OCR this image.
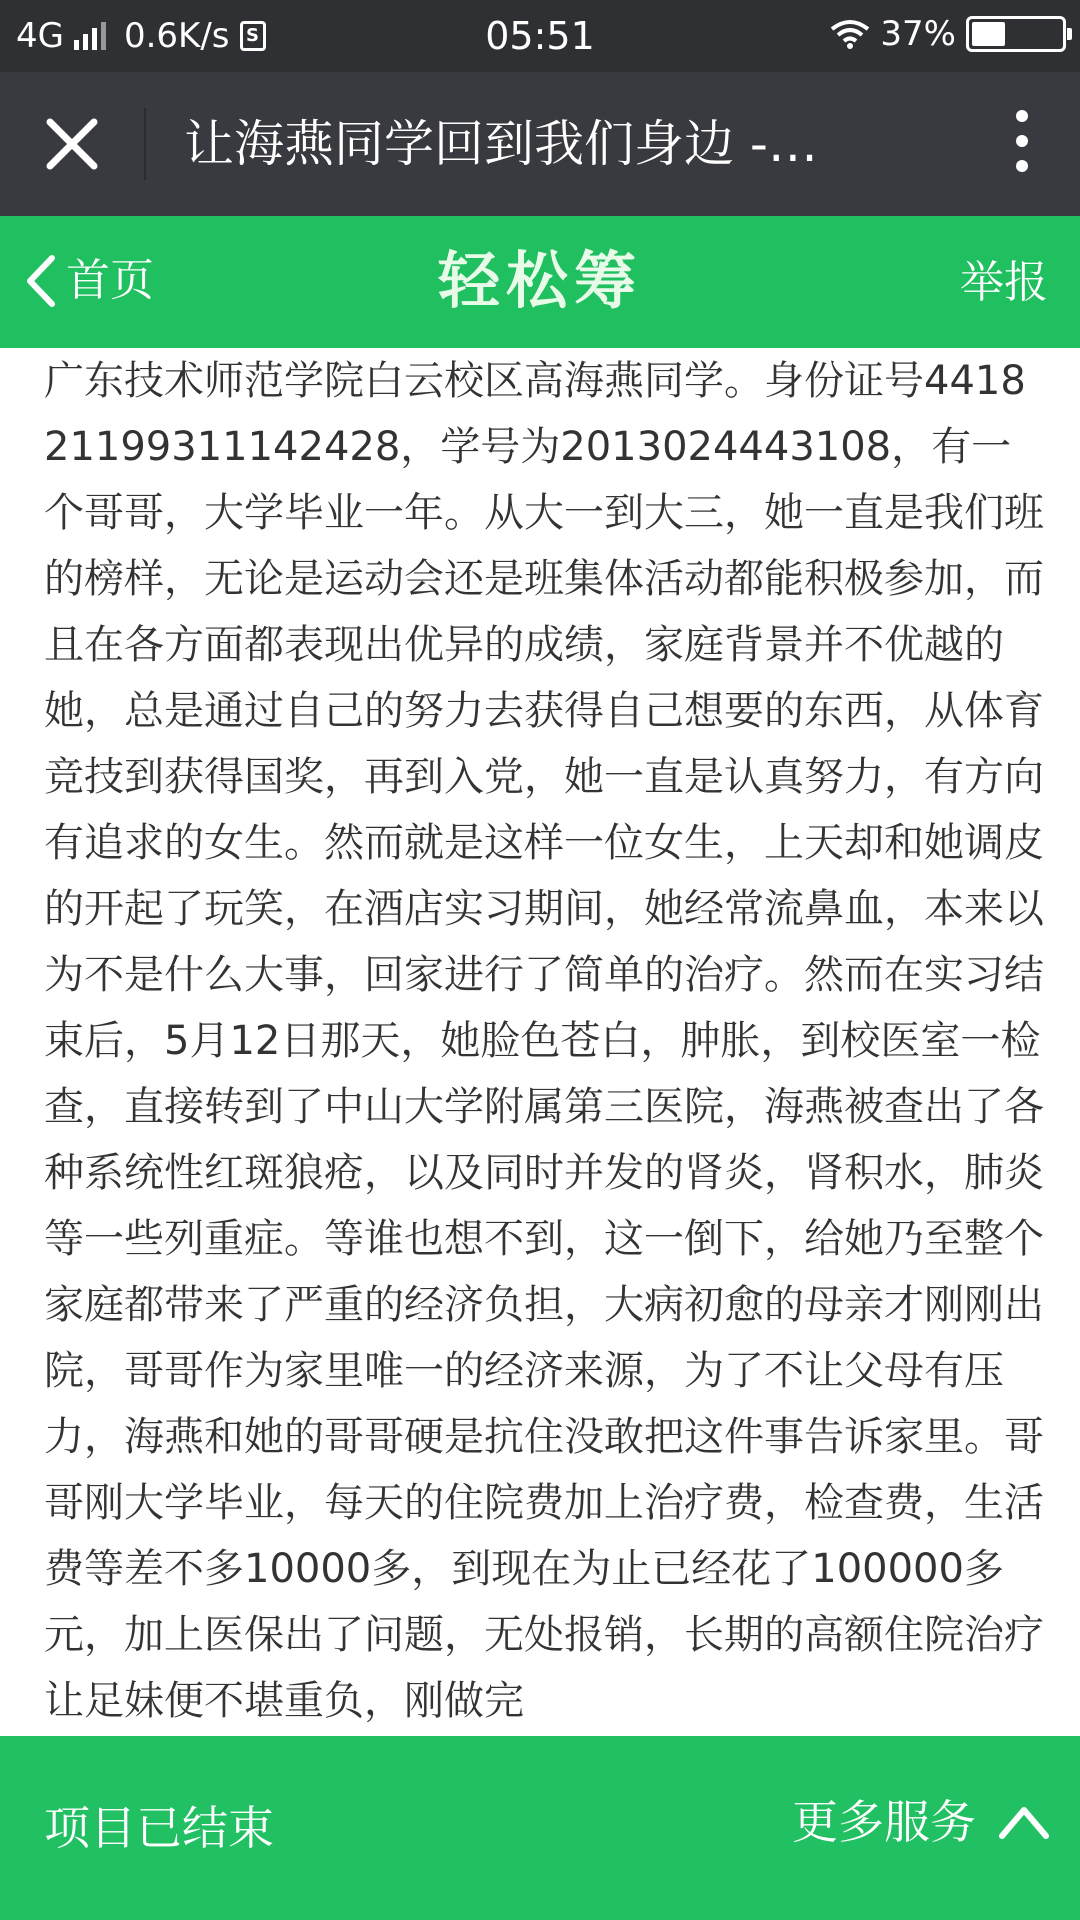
4G 0.6K/s S	05:51	37%
让海燕同学回到我们身边 -…
首页	轻松筹	举报

广东技术师范学院白云校区高海燕同学。身份证号441821199311142428，学号为2013024443108，有一个哥哥，大学毕业一年。从大一到大三，她一直是我们班的榜样，无论是运动会还是班集体活动都能积极参加，而且在各方面都表现出优异的成绩，家庭背景并不优越的她，总是通过自己的努力去获得自己想要的东西，从体育竞技到获得国奖，再到入党，她一直是认真努力，有方向有追求的女生。然而就是这样一位女生，上天却和她调皮的开起了玩笑，在酒店实习期间，她经常流鼻血，本来以为不是什么大事，回家进行了简单的治疗。然而在实习结束后，5月12日那天，她脸色苍白，肿胀，到校医室一检查，直接转到了中山大学附属第三医院，海燕被查出了各种系统性红斑狼疮，以及同时并发的肾炎，肾积水，肺炎等一些列重症。等谁也想不到，这一倒下，给她乃至整个家庭都带来了严重的经济负担，大病初愈的母亲才刚刚出院，哥哥作为家里唯一的经济来源，为了不让父母有压力，海燕和她的哥哥硬是抗住没敢把这件事告诉家里。哥哥刚大学毕业，每天的住院费加上治疗费，检查费，生活费等差不多10000多，到现在为止已经花了100000多元，加上医保出了问题，无处报销，长期的高额住院治疗让足妹便不堪重负，刚做完

项目已结束	更多服务
